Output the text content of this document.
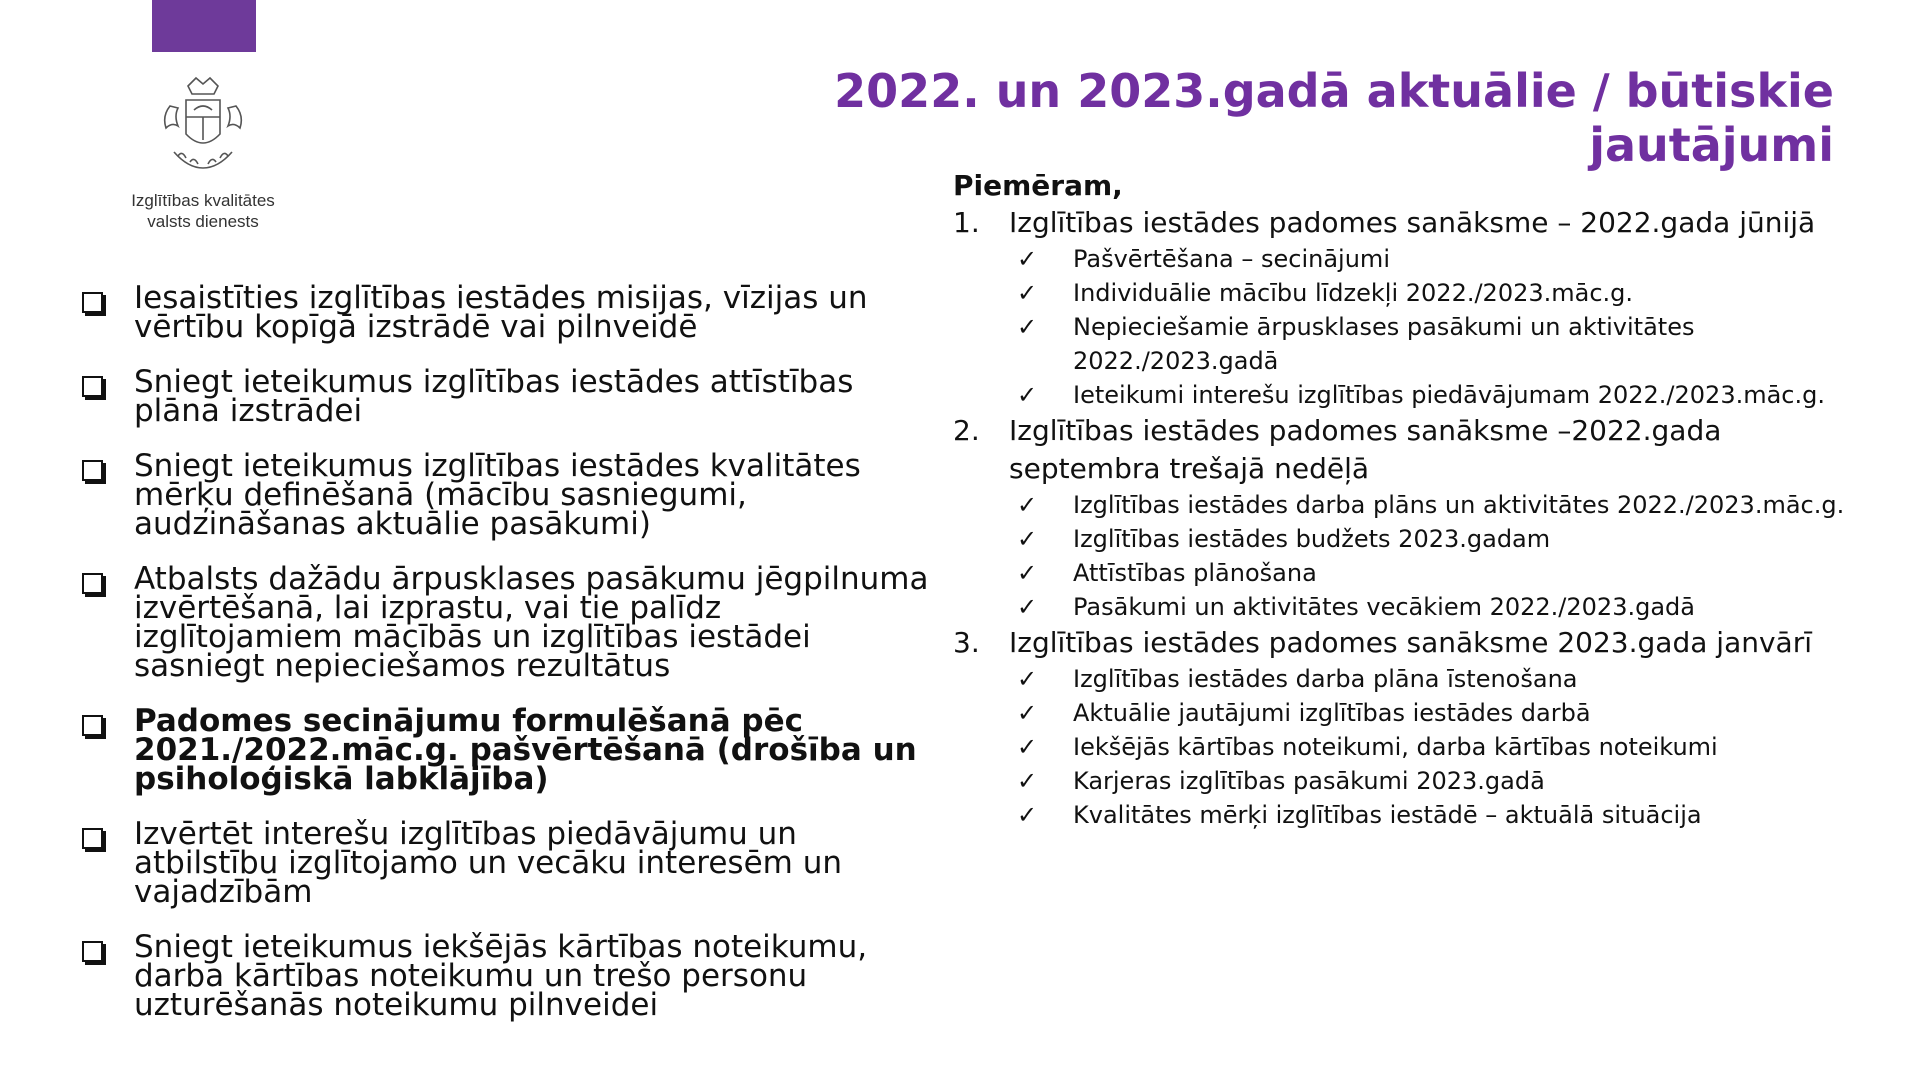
Izglītības kvalitātes
valsts dienests
2022. un 2023.gadā aktuālie / būtiskie
jautājumi
Iesaistīties izglītības iestādes misijas, vīzijas un vērtību kopīgā izstrādē vai pilnveidē
Sniegt ieteikumus izglītības iestādes attīstības plāna izstrādei
Sniegt ieteikumus izglītības iestādes kvalitātes mērķu definēšanā (mācību sasniegumi, audzināšanas aktuālie pasākumi)
Atbalsts dažādu ārpusklases pasākumu jēgpilnuma izvērtēšanā, lai izprastu, vai tie palīdz izglītojamiem mācībās un izglītības iestādei sasniegt nepieciešamos rezultātus
Padomes secinājumu formulēšanā pēc 2021./2022.māc.g. pašvērtēšanā (drošība un psiholoģiskā labklājība)
Izvērtēt interešu izglītības piedāvājumu un atbilstību izglītojamo un vecāku interesēm un vajadzībām
Sniegt ieteikumus iekšējās kārtības noteikumu, darba kārtības noteikumu un trešo personu uzturēšanās noteikumu pilnveidei
Piemēram,
1. Izglītības iestādes padomes sanāksme – 2022.gada jūnijā
✓ Pašvērtēšana – secinājumi
✓ Individuālie mācību līdzekļi 2022./2023.māc.g.
✓ Nepieciešamie ārpusklases pasākumi un aktivitātes 2022./2023.gadā
✓ Ieteikumi interešu izglītības piedāvājumam 2022./2023.māc.g.
2. Izglītības iestādes padomes sanāksme –2022.gada septembra trešajā nedēļā
✓ Izglītības iestādes darba plāns un aktivitātes 2022./2023.māc.g.
✓ Izglītības iestādes budžets 2023.gadam
✓ Attīstības plānošana
✓ Pasākumi un aktivitātes vecākiem 2022./2023.gadā
3. Izglītības iestādes padomes sanāksme 2023.gada janvārī
✓ Izglītības iestādes darba plāna īstenošana
✓ Aktuālie jautājumi izglītības iestādes darbā
✓ Iekšējās kārtības noteikumi, darba kārtības noteikumi
✓ Karjeras izglītības pasākumi 2023.gadā
✓ Kvalitātes mērķi izglītības iestādē – aktuālā situācija
